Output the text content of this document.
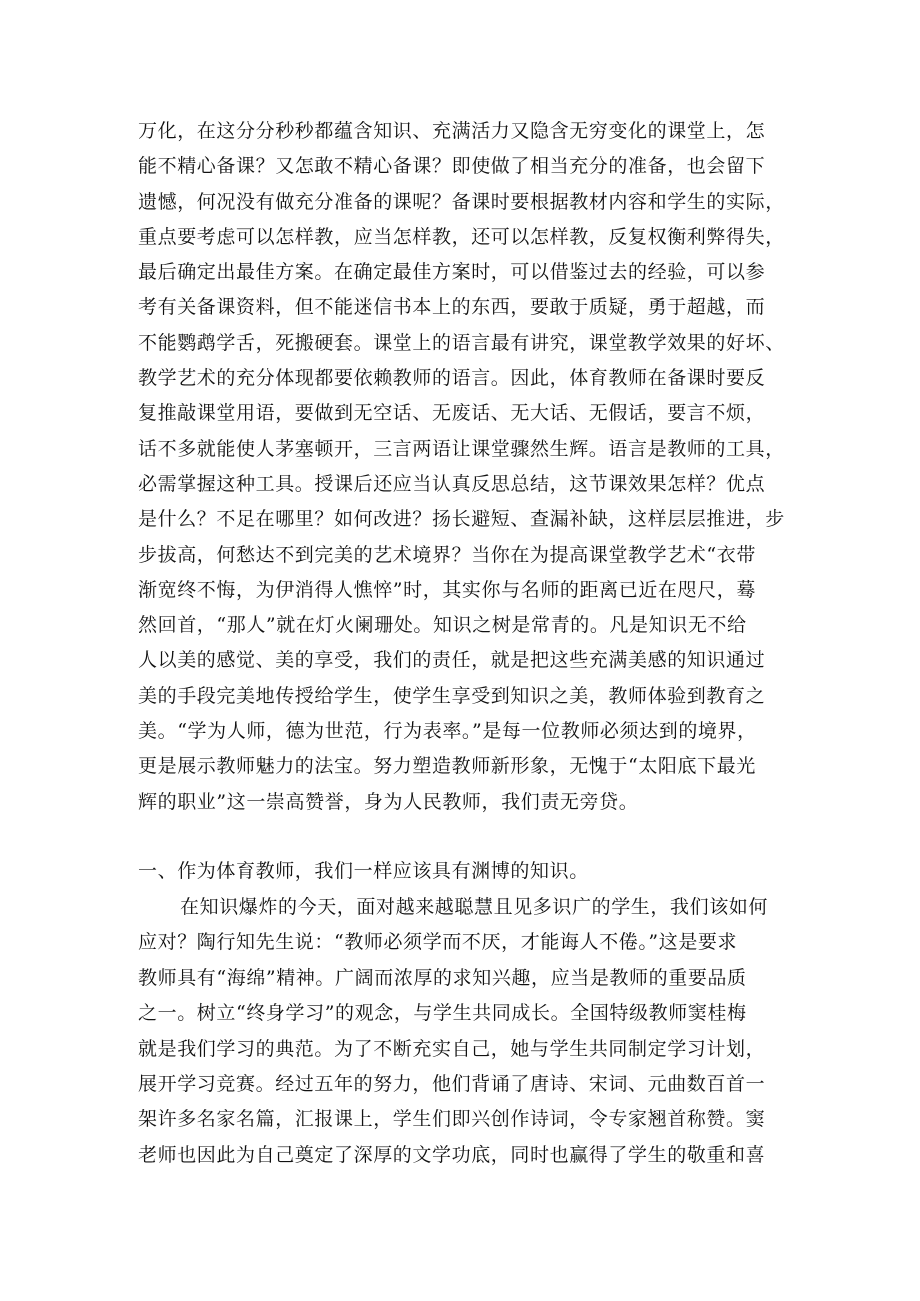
万化，在这分分秒秒都蕴含知识、充满活力又隐含无穷变化的课堂上，怎
能不精心备课？又怎敢不精心备课？即使做了相当充分的准备，也会留下
遗憾，何况没有做充分准备的课呢？备课时要根据教材内容和学生的实际，
重点要考虑可以怎样教，应当怎样教，还可以怎样教，反复权衡利弊得失，
最后确定出最佳方案。在确定最佳方案时，可以借鉴过去的经验，可以参
考有关备课资料，但不能迷信书本上的东西，要敢于质疑，勇于超越，而
不能鹦鹉学舌，死搬硬套。课堂上的语言最有讲究，课堂教学效果的好坏、
教学艺术的充分体现都要依赖教师的语言。因此，体育教师在备课时要反
复推敲课堂用语，要做到无空话、无废话、无大话、无假话，要言不烦，
话不多就能使人茅塞顿开，三言两语让课堂骤然生辉。语言是教师的工具，
必需掌握这种工具。授课后还应当认真反思总结，这节课效果怎样？优点
是什么？不足在哪里？如何改进？扬长避短、查漏补缺，这样层层推进，步
步拔高，何愁达不到完美的艺术境界？当你在为提高课堂教学艺术“衣带
渐宽终不悔，为伊消得人憔悴”时，其实你与名师的距离已近在咫尺，蓦
然回首，“那人”就在灯火阑珊处。知识之树是常青的。凡是知识无不给
人以美的感觉、美的享受，我们的责任，就是把这些充满美感的知识通过
美的手段完美地传授给学生，使学生享受到知识之美，教师体验到教育之
美。“学为人师，德为世范，行为表率。”是每一位教师必须达到的境界，
更是展示教师魅力的法宝。努力塑造教师新形象，无愧于“太阳底下最光
辉的职业”这一崇高赞誉，身为人民教师，我们责无旁贷。
一、作为体育教师，我们一样应该具有渊博的知识。
在知识爆炸的今天，面对越来越聪慧且见多识广的学生，我们该如何
应对？陶行知先生说：“教师必须学而不厌，才能诲人不倦。”这是要求
教师具有“海绵”精神。广阔而浓厚的求知兴趣，应当是教师的重要品质
之一。树立“终身学习”的观念，与学生共同成长。全国特级教师窦桂梅
就是我们学习的典范。为了不断充实自己，她与学生共同制定学习计划，
展开学习竞赛。经过五年的努力，他们背诵了唐诗、宋词、元曲数百首一
架许多名家名篇，汇报课上，学生们即兴创作诗词，令专家翘首称赞。窦
老师也因此为自己奠定了深厚的文学功底，同时也赢得了学生的敬重和喜
